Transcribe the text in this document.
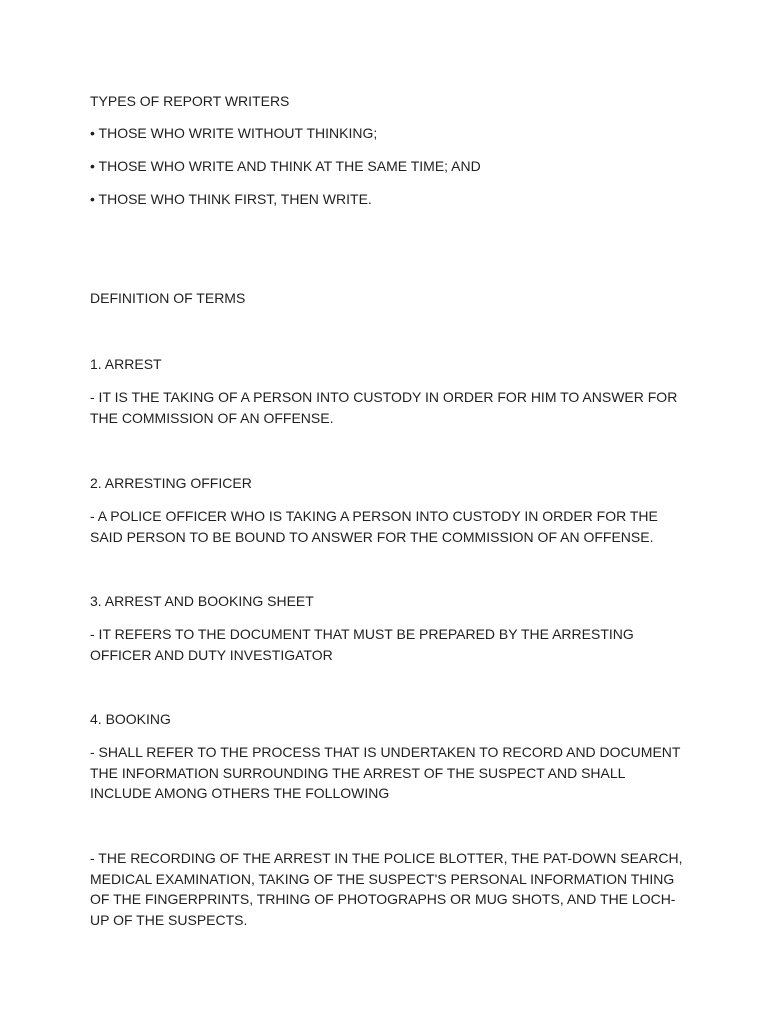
TYPES OF REPORT WRITERS

• THOSE WHO WRITE WITHOUT THINKING;

• THOSE WHO WRITE AND THINK AT THE SAME TIME; AND

• THOSE WHO THINK FIRST, THEN WRITE.

DEFINITION OF TERMS

1. ARREST

- IT IS THE TAKING OF A PERSON INTO CUSTODY IN ORDER FOR HIM TO ANSWER FOR THE COMMISSION OF AN OFFENSE.

2. ARRESTING OFFICER

- A POLICE OFFICER WHO IS TAKING A PERSON INTO CUSTODY IN ORDER FOR THE SAID PERSON TO BE BOUND TO ANSWER FOR THE COMMISSION OF AN OFFENSE.

3. ARREST AND BOOKING SHEET

- IT REFERS TO THE DOCUMENT THAT MUST BE PREPARED BY THE ARRESTING OFFICER AND DUTY INVESTIGATOR

4. BOOKING

- SHALL REFER TO THE PROCESS THAT IS UNDERTAKEN TO RECORD AND DOCUMENT THE INFORMATION SURROUNDING THE ARREST OF THE SUSPECT AND SHALL INCLUDE AMONG OTHERS THE FOLLOWING

- THE RECORDING OF THE ARREST IN THE POLICE BLOTTER, THE PAT-DOWN SEARCH, MEDICAL EXAMINATION, TAKING OF THE SUSPECT'S PERSONAL INFORMATION THING OF THE FINGERPRINTS, TRHING OF PHOTOGRAPHS OR MUG SHOTS, AND THE LOCH-UP OF THE SUSPECTS.
